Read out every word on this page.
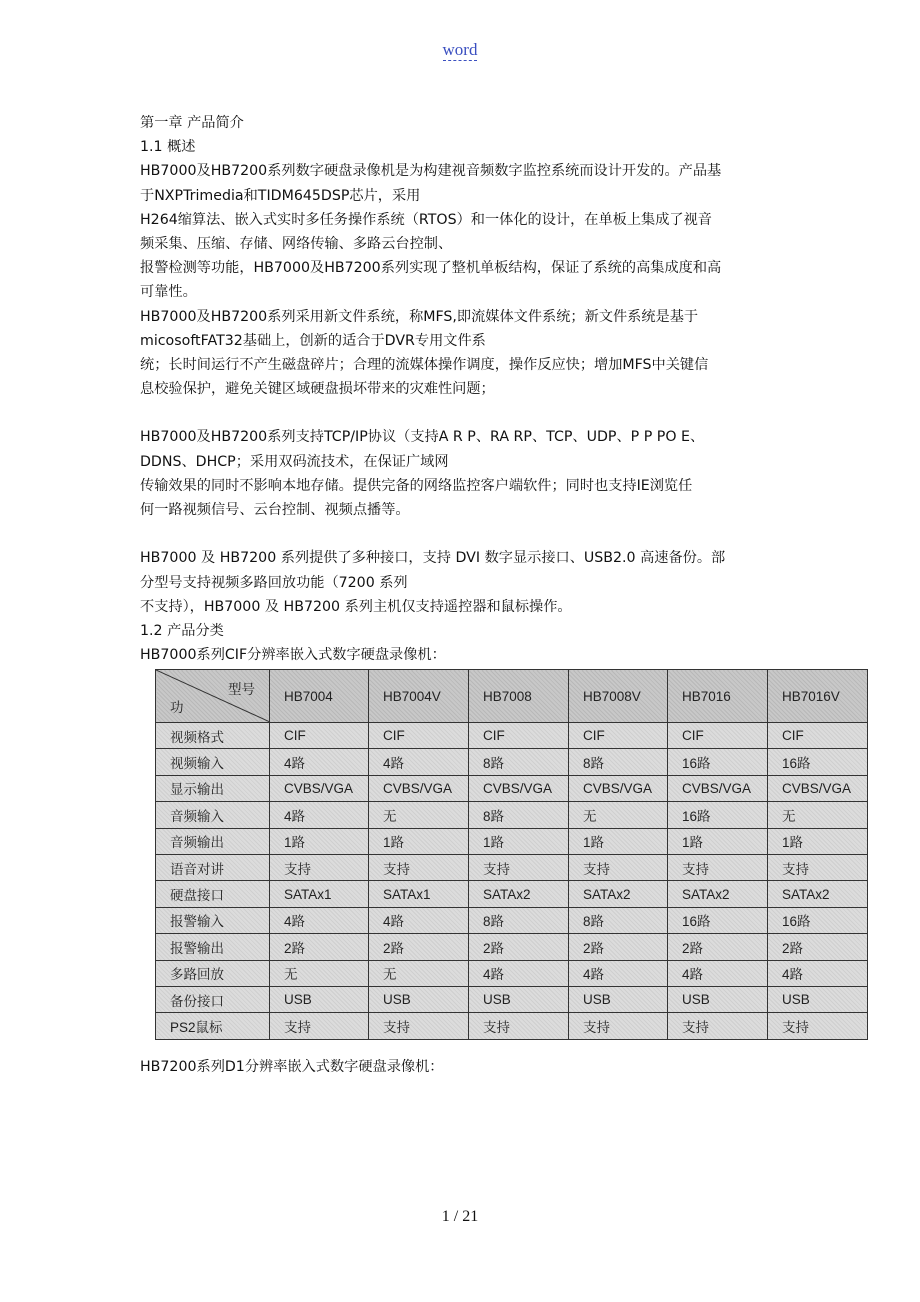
word
第一章 产品简介
1.1 概述
HB7000及HB7200系列数字硬盘录像机是为构建视音频数字监控系统而设计开发的。产品基
于NXPTrimedia和TIDM645DSP芯片，采用
H264缩算法、嵌入式实时多任务操作系统（RTOS）和一体化的设计，在单板上集成了视音
频采集、压缩、存储、网络传输、多路云台控制、
报警检测等功能，HB7000及HB7200系列实现了整机单板结构，保证了系统的高集成度和高
可靠性。
HB7000及HB7200系列采用新文件系统，称MFS,即流媒体文件系统；新文件系统是基于
micosoftFAT32基础上，创新的适合于DVR专用文件系
统；长时间运行不产生磁盘碎片；合理的流媒体操作调度，操作反应快；增加MFS中关键信
息校验保护，避免关键区域硬盘损坏带来的灾难性问题；
HB7000及HB7200系列支持TCP/IP协议（支持A R P、RA RP、TCP、UDP、P P PO E、
DDNS、DHCP；采用双码流技术，在保证广域网
传输效果的同时不影响本地存储。提供完备的网络监控客户端软件；同时也支持IE浏览任
何一路视频信号、云台控制、视频点播等。
HB7000 及 HB7200 系列提供了多种接口，支持 DVI 数字显示接口、USB2.0 高速备份。部
分型号支持视频多路回放功能（7200 系列
不支持），HB7000 及 HB7200 系列主机仅支持遥控器和鼠标操作。
1.2 产品分类
HB7000系列CIF分辨率嵌入式数字硬盘录像机：
型号
功	HB7004	HB7004V	HB7008	HB7008V	HB7016	HB7016V
视频格式	CIF	CIF	CIF	CIF	CIF	CIF
视频输入	4路	4路	8路	8路	16路	16路
显示输出	CVBS/VGA	CVBS/VGA	CVBS/VGA	CVBS/VGA	CVBS/VGA	CVBS/VGA
音频输入	4路	无	8路	无	16路	无
音频输出	1路	1路	1路	1路	1路	1路
语音对讲	支持	支持	支持	支持	支持	支持
硬盘接口	SATAx1	SATAx1	SATAx2	SATAx2	SATAx2	SATAx2
报警输入	4路	4路	8路	8路	16路	16路
报警输出	2路	2路	2路	2路	2路	2路
多路回放	无	无	4路	4路	4路	4路
备份接口	USB	USB	USB	USB	USB	USB
PS2鼠标	支持	支持	支持	支持	支持	支持
HB7200系列D1分辨率嵌入式数字硬盘录像机：
1 / 21
